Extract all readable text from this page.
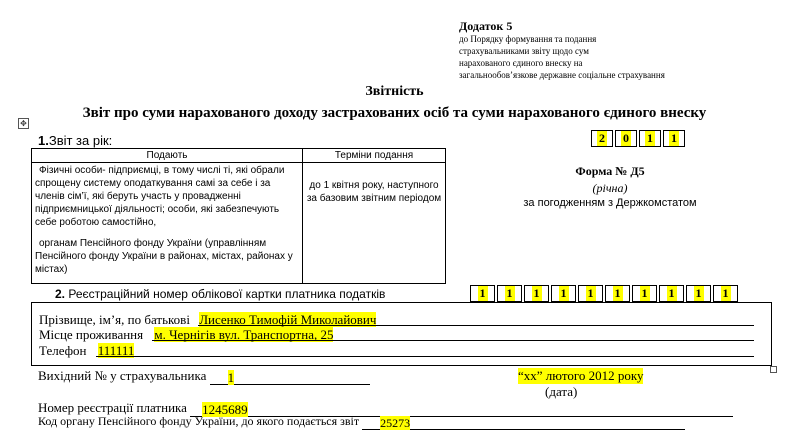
Додаток 5
до Порядку формування та подання
страхувальниками звіту щодо сум
нарахованого єдиного внеску на
загальнообов’язкове державне соціальне страхування
Звітність
Звіт про суми нарахованого доходу застрахованих осіб та суми нарахованого єдиного внеску
✥
1.Звіт за рік:
Подають	Терміни подання

Фізичні особи- підприємці, в тому числі ті, які обрали спрощену систему оподаткування самі за себе і за членів сім’ї, які беруть участь у провадженні підприємницької діяльності; особи, які забезпечують себе роботою самостійно,

органам Пенсійного фонду України (управлінням Пенсійного фонду України в районах, містах, районах у містах)	до 1 квітня року, наступного за базовим звітним періодом
2 0 1 1
Форма № Д5
(річна)
за погодженням з Держкомстатом
2. Реєстраційний номер облікової картки платника податків	1 1 1 1 1 1 1 1 1 1
Прізвище, ім’я, по батькові Лисенко Тимофій Миколайович
Місце проживання м. Чернігів вул. Транспортна, 25
Телефон 111111
Вихідний № у страхувальника 1	“хх” лютого 2012 року
(дата)
Номер реєстрації платника 1245689
Код органу Пенсійного фонду України, до якого подається звіт 25273
